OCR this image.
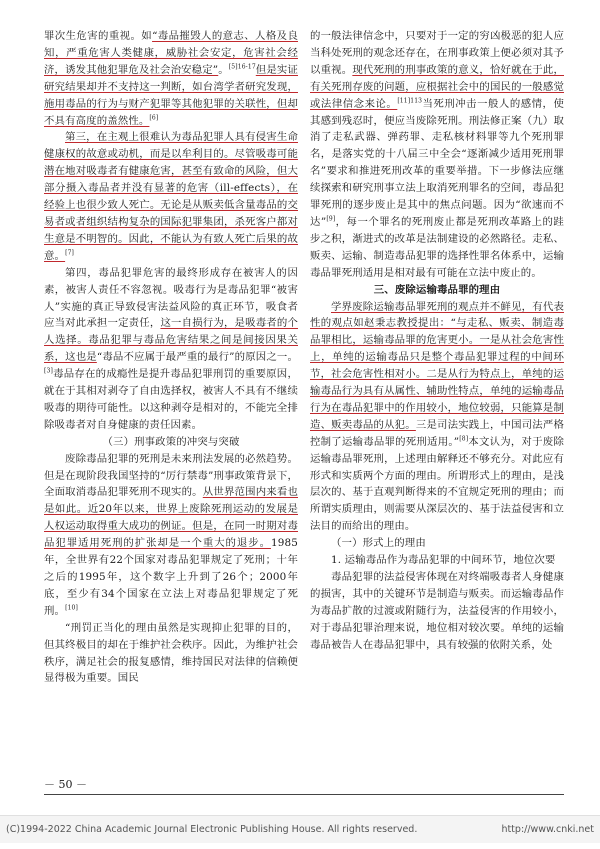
罪次生危害的重视。如“毒品摧毁人的意志、人格及良知，严重危害人类健康，威胁社会安定，危害社会经济，诱发其他犯罪危及社会治安稳定”。$^{[5]16-17}$但是实证研究结果却并不支持这一判断，如台湾学者研究发现，施用毒品的行为与财产犯罪等其他犯罪的关联性，但却不具有高度的盖然性。[6]

第三，在主观上很难认为毒品犯罪人具有侵害生命健康权的故意或动机，而是以牟利目的。尽管吸毒可能潜在地对吸毒者有健康危害，甚至有致命的风险，但大部分摄入毒品者并没有显著的危害（ill-effects），在经验上也很少致人死亡。无论是从贩卖低含量毒品的交易者或者组织结构复杂的国际犯罪集团，杀死客户都对生意是不明智的。因此，不能认为有致人死亡后果的故意。[7]

第四，毒品犯罪危害的最终形成存在被害人的因素，被害人责任不容忽视。吸毒行为是毒品犯罪“被害人”实施的真正导致侵害法益风险的真正环节，吸食者应当对此承担一定责任，这一自损行为，是吸毒者的个人选择。毒品犯罪与毒品危害结果之间是间接因果关系，这也是“毒品不应属于最严重的最行”的原因之一。[3]毒品存在的成瘾性是提升毒品犯罪刑罚的重要原因，就在于其相对剥夺了自由选择权，被害人不具有不继续吸毒的期待可能性。以这种剥夺是相对的，不能完全排除吸毒者对自身健康的责任因素。

（三）刑事政策的冲突与突破

废除毒品犯罪的死刑是未来刑法发展的必然趋势。但是在现阶段我国坚持的“厉行禁毒”刑事政策背景下，全面取消毒品犯罪死刑不现实的。从世界范围内来看也是如此。近20年以来，世界上废除死刑运动的发展是人权运动取得重大成功的例证。但是，在同一时期对毒品犯罪适用死刑的扩张却是一个重大的退步。1985年，全世界有22个国家对毒品犯罪规定了死刑；十年之后的1995年，这个数字上升到了26个；2000年底，至少有34个国家在立法上对毒品犯罪规定了死刑。[10]

“刑罚正当化的理由虽然是实现抑止犯罪的目的，但其终极目的却在于维护社会秩序。因此，为维护社会秩序，满足社会的报复感情，维持国民对法律的信赖便显得极为重要。国民

的一般法律信念中，只要对于一定的穷凶极恶的犯人应当科处死刑的观念还存在，在刑事政策上便必须对其予以重视。现代死刑的刑事政策的意义，恰好就在于此，有关死刑存废的问题，应根据社会中的国民的一般感觉或法律信念来论。$^{[11]113}$当死刑冲击一般人的感情，使其感到残忍时，便应当废除死刑。刑法修正案（九）取消了走私武器、弹药罪、走私核材料罪等九个死刑罪名，是落实党的十八届三中全会“逐渐减少适用死刑罪名”要求和推进死刑改革的重要举措。下一步修法应继续探索和研究刑事立法上取消死刑罪名的空间，毒品犯罪死刑的逐步废止是其中的焦点问题。因为“欲速而不达”[9]，每一个罪名的死刑废止都是死刑改革路上的跬步之积，渐进式的改革是法制建设的必然路径。走私、贩卖、运输、制造毒品犯罪的选择性罪名体系中，运输毒品罪死刑适用是相对最有可能在立法中废止的。

三、废除运输毒品罪的理由

学界废除运输毒品罪死刑的观点并不鲜见，有代表性的观点如赵秉志教授提出：“与走私、贩卖、制造毒品罪相比，运输毒品罪的危害更小。一是从社会危害性上，单纯的运输毒品只是整个毒品犯罪过程的中间环节，社会危害性相对小。二是从行为特点上，单纯的运输毒品行为具有从属性、辅助性特点，单纯的运输毒品行为在毒品犯罪中的作用较小，地位较弱，只能算是制造、贩卖毒品的从犯。三是司法实践上，中国司法严格控制了运输毒品罪的死刑适用。”[8]本文认为，对于废除运输毒品罪死刑，上述理由解释还不够充分。对此应有形式和实质两个方面的理由。所谓形式上的理由，是浅层次的、基于直观判断得来的不宜规定死刑的理由；而所谓实质理由，则需要从深层次的、基于法益侵害和立法目的而给出的理由。

（一）形式上的理由

1. 运输毒品作为毒品犯罪的中间环节，地位次要

毒品犯罪的法益侵害体现在对终端吸毒者人身健康的损害，其中的关键环节是制造与贩卖。而运输毒品作为毒品扩散的过渡或附随行为，法益侵害的作用较小，对于毒品犯罪治理来说，地位相对较次要。单纯的运输毒品被告人在毒品犯罪中，具有较强的依附关系，处

－ 50 －
(C)1994-2022 China Academic Journal Electronic Publishing House. All rights reserved.	http://www.cnki.net
